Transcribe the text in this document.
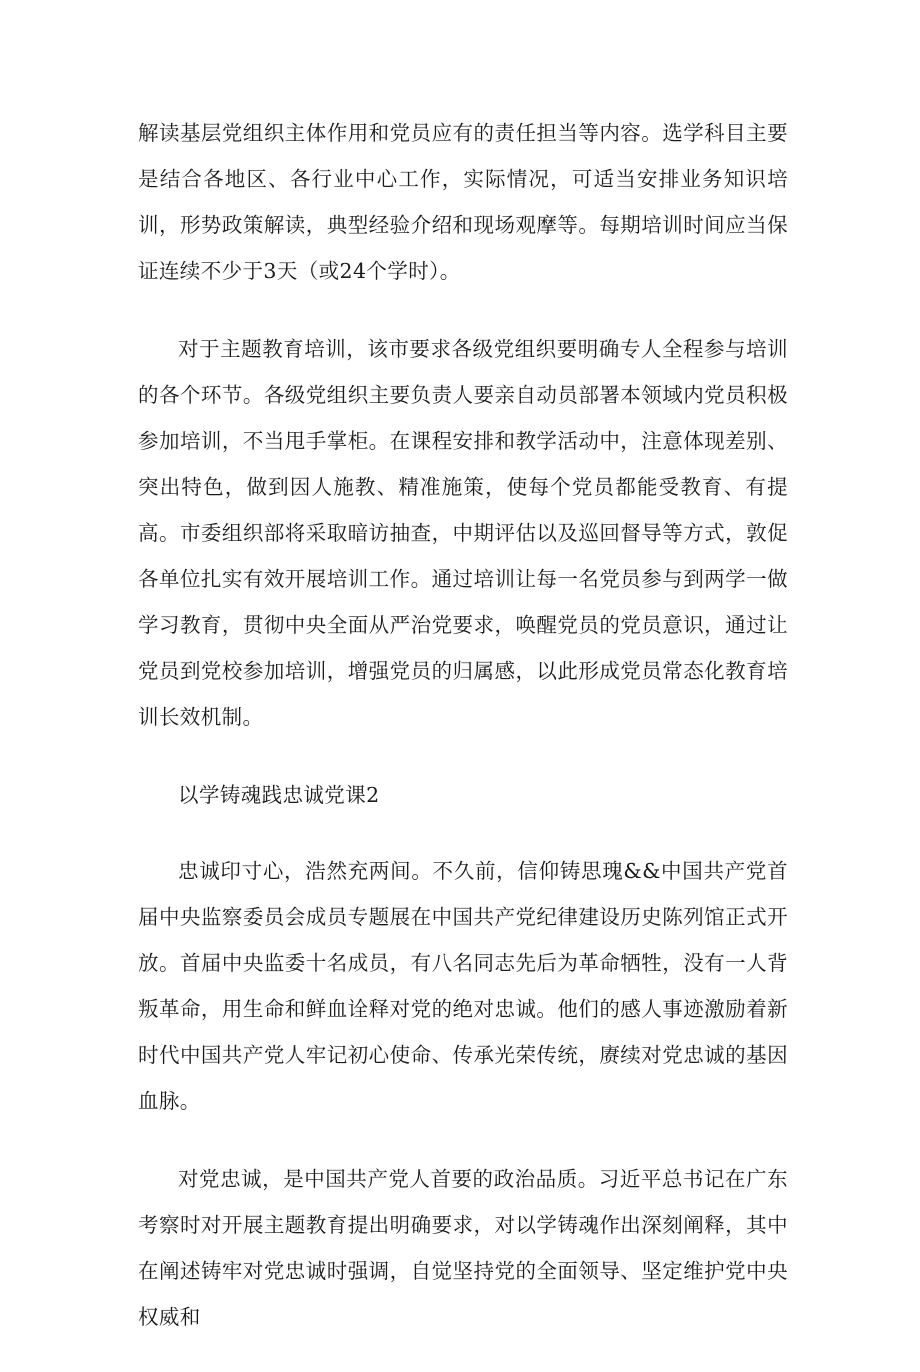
解读基层党组织主体作用和党员应有的责任担当等内容。选学科目主要是结合各地区、各行业中心工作，实际情况，可适当安排业务知识培训，形势政策解读，典型经验介绍和现场观摩等。每期培训时间应当保证连续不少于3天（或24个学时）。

对于主题教育培训，该市要求各级党组织要明确专人全程参与培训的各个环节。各级党组织主要负责人要亲自动员部署本领域内党员积极参加培训，不当甩手掌柜。在课程安排和教学活动中，注意体现差别、突出特色，做到因人施教、精准施策，使每个党员都能受教育、有提高。市委组织部将采取暗访抽查，中期评估以及巡回督导等方式，敦促各单位扎实有效开展培训工作。通过培训让每一名党员参与到两学一做学习教育，贯彻中央全面从严治党要求，唤醒党员的党员意识，通过让党员到党校参加培训，增强党员的归属感，以此形成党员常态化教育培训长效机制。

以学铸魂践忠诚党课2

忠诚印寸心，浩然充两间。不久前，信仰铸思瑰&&中国共产党首届中央监察委员会成员专题展在中国共产党纪律建设历史陈列馆正式开放。首届中央监委十名成员，有八名同志先后为革命牺牲，没有一人背叛革命，用生命和鲜血诠释对党的绝对忠诚。他们的感人事迹激励着新时代中国共产党人牢记初心使命、传承光荣传统，赓续对党忠诚的基因血脉。

对党忠诚，是中国共产党人首要的政治品质。习近平总书记在广东考察时对开展主题教育提出明确要求，对以学铸魂作出深刻阐释，其中在阐述铸牢对党忠诚时强调，自觉坚持党的全面领导、坚定维护党中央权威和
